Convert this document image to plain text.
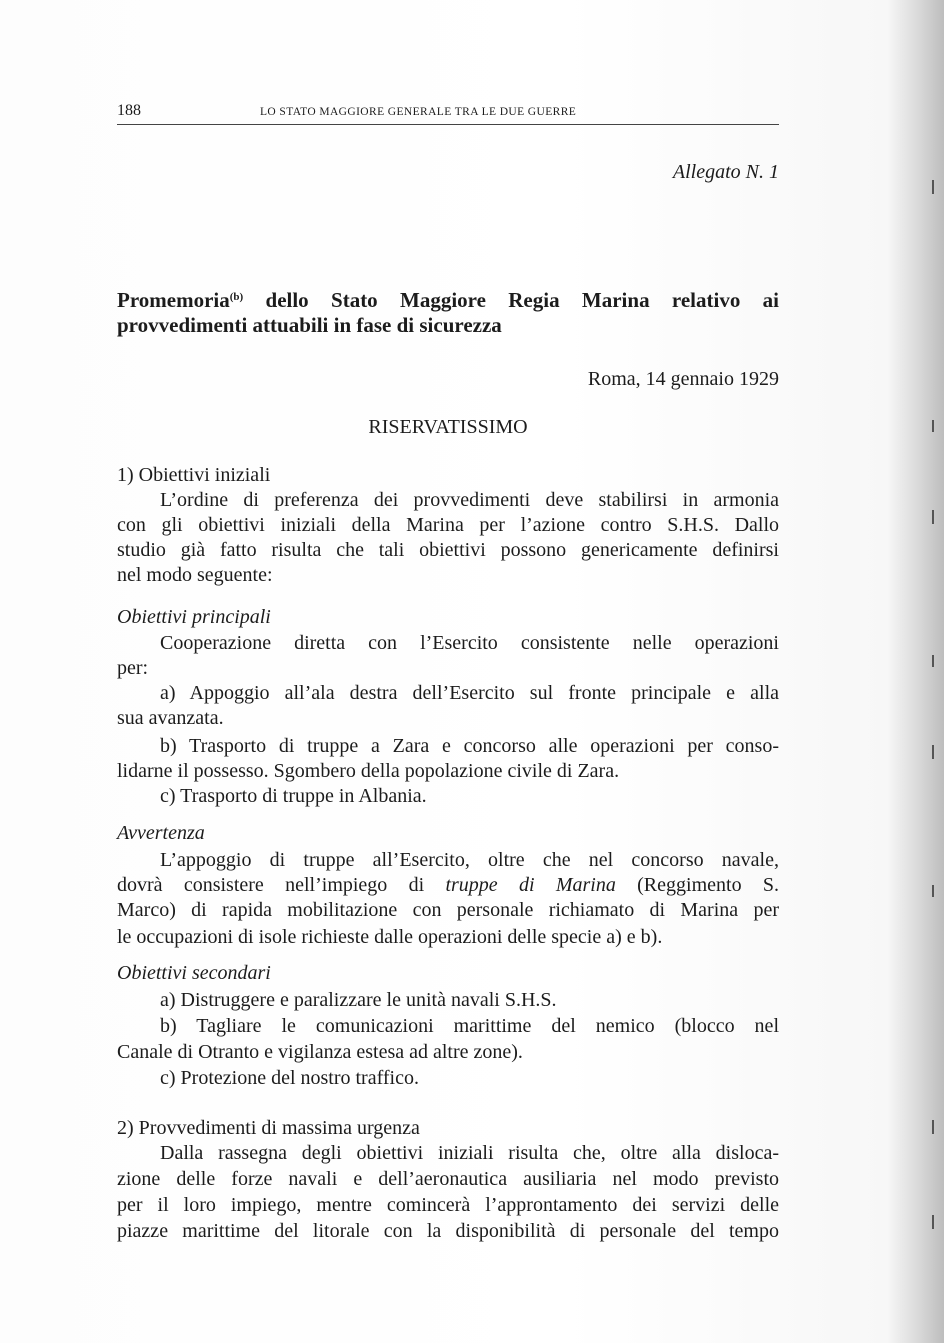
188	LO STATO MAGGIORE GENERALE TRA LE DUE GUERRE
Allegato N. 1
Promemoria$^{(b)}$ dello Stato Maggiore Regia Marina relativo ai
provvedimenti attuabili in fase di sicurezza
Roma, 14 gennaio 1929
RISERVATISSIMO
1) Obiettivi iniziali
L’ordine di preferenza dei provvedimenti deve stabilirsi in armonia
con gli obiettivi iniziali della Marina per l’azione contro S.H.S. Dallo
studio già fatto risulta che tali obiettivi possono genericamente definirsi
nel modo seguente:
Obiettivi principali
Cooperazione diretta con l’Esercito consistente nelle operazioni
per:
a) Appoggio all’ala destra dell’Esercito sul fronte principale e alla
sua avanzata.
b) Trasporto di truppe a Zara e concorso alle operazioni per conso-
lidarne il possesso. Sgombero della popolazione civile di Zara.
c) Trasporto di truppe in Albania.
Avvertenza
L’appoggio di truppe all’Esercito, oltre che nel concorso navale,
dovrà consistere nell’impiego di truppe di Marina (Reggimento S.
Marco) di rapida mobilitazione con personale richiamato di Marina per
le occupazioni di isole richieste dalle operazioni delle specie a) e b).
Obiettivi secondari
a) Distruggere e paralizzare le unità navali S.H.S.
b) Tagliare le comunicazioni marittime del nemico (blocco nel
Canale di Otranto e vigilanza estesa ad altre zone).
c) Protezione del nostro traffico.
2) Provvedimenti di massima urgenza
Dalla rassegna degli obiettivi iniziali risulta che, oltre alla disloca-
zione delle forze navali e dell’aeronautica ausiliaria nel modo previsto
per il loro impiego, mentre comincerà l’approntamento dei servizi delle
piazze marittime del litorale con la disponibilità di personale del tempo
